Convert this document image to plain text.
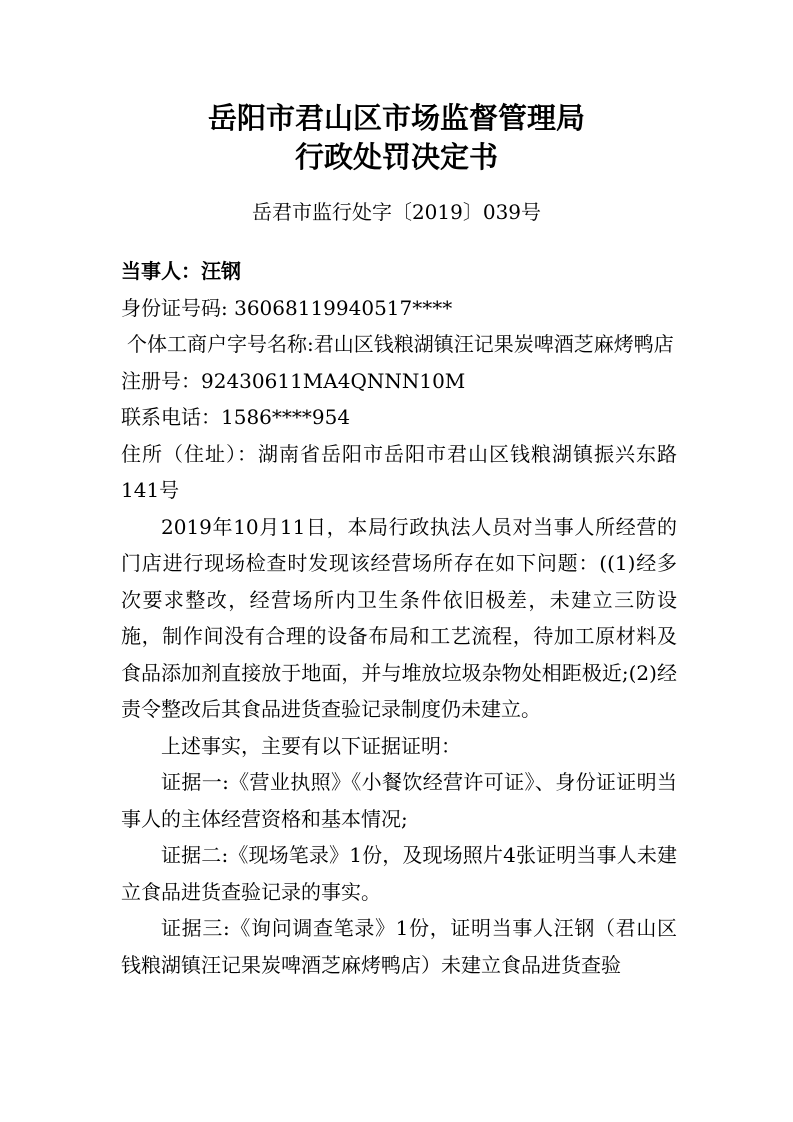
岳阳市君山区市场监督管理局
行政处罚决定书
岳君市监行处字〔2019〕039号

当事人：汪钢

身份证号码: 36068119940517****

个体工商户字号名称:君山区钱粮湖镇汪记果炭啤酒芝麻烤鸭店

注册号：92430611MA4QNNN10M

联系电话：1586****954

住所（住址）：湖南省岳阳市岳阳市君山区钱粮湖镇振兴东路141号

2019年10月11日，本局行政执法人员对当事人所经营的门店进行现场检查时发现该经营场所存在如下问题：((1)经多次要求整改，经营场所内卫生条件依旧极差，未建立三防设施，制作间没有合理的设备布局和工艺流程，待加工原材料及食品添加剂直接放于地面，并与堆放垃圾杂物处相距极近;(2)经责令整改后其食品进货查验记录制度仍未建立。

上述事实，主要有以下证据证明：

证据一:《营业执照》《小餐饮经营许可证》、身份证证明当事人的主体经营资格和基本情况;

证据二:《现场笔录》1份，及现场照片4张证明当事人未建立食品进货查验记录的事实。

证据三:《询问调查笔录》1份，证明当事人汪钢（君山区钱粮湖镇汪记果炭啤酒芝麻烤鸭店）未建立食品进货查验
